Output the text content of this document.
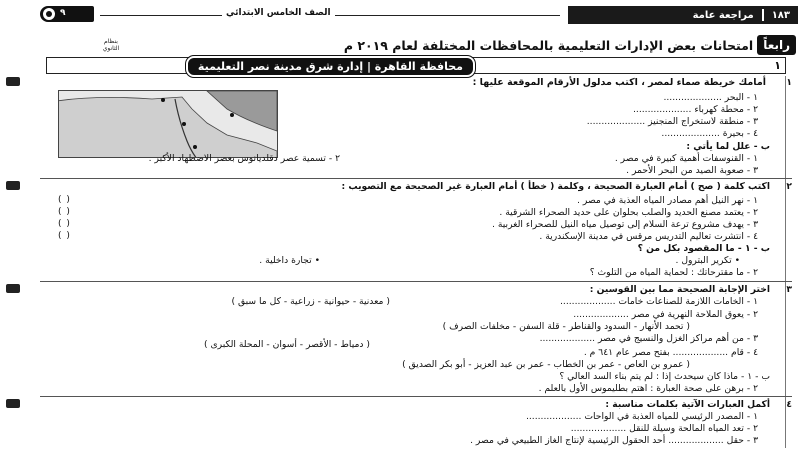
١٨٣
مراجعة عامة
الصف الخامس الابتدائي
٩
رابعاً
امتحانات بعض الإدارات التعليمية بالمحافظات المختلفة لعام ٢٠١٩ م
بنظام الثانوي
١
محافظة القاهرة | إدارة شرق مدينة نصر التعليمية
أمامك خريطة صماء لمصر ، اكتب مدلول الأرقام الموقعة عليها :	١
١ - البحر ....................
٢ - محطة كهرباء ....................
٣ - منطقة لاستخراج المنجنيز ....................
٤ - بحيرة ....................
ب - علل لما يأتي :
١ - القنوسفات أهمية كبيرة في مصر .
٢ - تسمية عصر دقلديانوس بعصر الاضطهاد الأكبر .
٣ - صعوبة الصيد من البحر الأحمر .
اكتب كلمة ( صح ) أمام العبارة الصحيحة ، وكلمة ( خطأ ) أمام العبارة غير الصحيحة مع التصويب : ٢
١ - نهر النيل أهم مصادر المياه العذبة في مصر .
٢ - يعتمد مصنع الحديد والصلب بحلوان على حديد الصحراء الشرقية .
٣ - يهدف مشروع ترعة السلام إلى توصيل مياه النيل للصحراء الغربية .
٤ - انتشرت تعاليم التدريس مرقس في مدينة الإسكندرية .
( )
( )
( )
( )
ب - ١ - ما المقصود بكل من ؟
• تكرير البترول .
• تجارة داخلية .
٢ - ما مقترحاتك : لحماية المياه من التلوث ؟
اختر الإجابة الصحيحة مما بين القوسين : ٣
١ - الخامات اللازمة للصناعات خامات ...................
( معدنية - حيوانية - زراعية - كل ما سبق )
٢ - يعوق الملاحة النهرية في مصر ...................
( تحمد الأنهار - السدود والقناطر - قلة السفن - مخلفات الصرف )
٣ - من أهم مراكز الغزل والنسيج في مصر ...................
( دمياط - الأقصر - أسوان - المحلة الكبرى )
٤ - قام ................... بفتح مصر عام ٦٤١ م .
( عمرو بن العاص - عمر بن الخطاب - عمر بن عبد العزيز - أبو بكر الصديق )
ب - ١ - ماذا كان سيحدث إذا : لم يتم بناء السد العالي ؟
٢ - برهن على صحة العبارة : اهتم بطليموس الأول بالعلم .
أكمل العبارات الآتية بكلمات مناسبة : ٤
١ - المصدر الرئيسي للمياه العذبة في الواحات ...................
٢ - تعد المياه المالحة وسيلة للنقل ...................
٣ - حقل ................... أحد الحقول الرئيسية لإنتاج الغاز الطبيعي في مصر .
